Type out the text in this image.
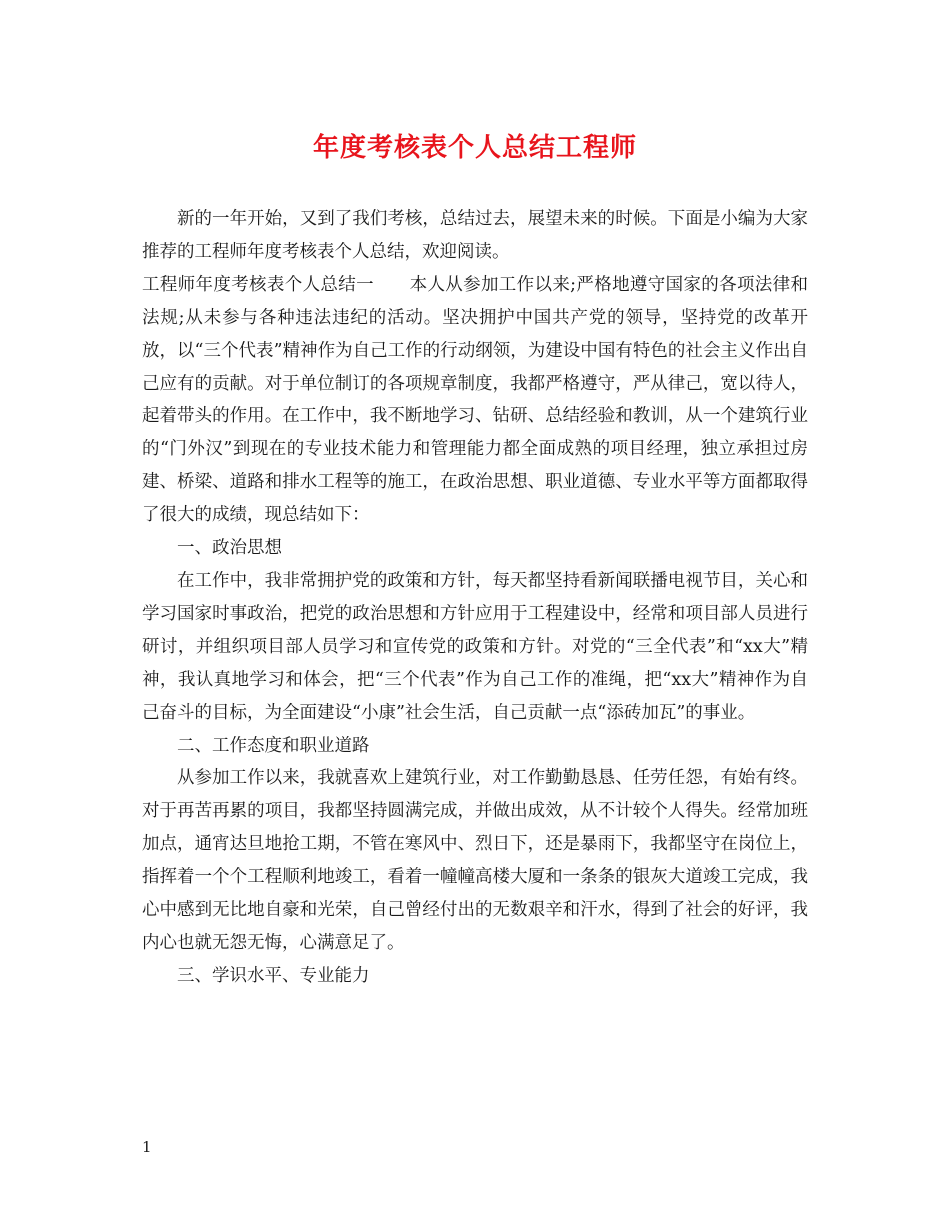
年度考核表个人总结工程师

新的一年开始，又到了我们考核，总结过去，展望未来的时候。下面是小编为大家推荐的工程师年度考核表个人总结，欢迎阅读。

工程师年度考核表个人总结一　　本人从参加工作以来;严格地遵守国家的各项法律和法规;从未参与各种违法违纪的活动。坚决拥护中国共产党的领导，坚持党的改革开放，以“三个代表”精神作为自己工作的行动纲领，为建设中国有特色的社会主义作出自己应有的贡献。对于单位制订的各项规章制度，我都严格遵守，严从律己，宽以待人，起着带头的作用。在工作中，我不断地学习、钻研、总结经验和教训，从一个建筑行业的“门外汉”到现在的专业技术能力和管理能力都全面成熟的项目经理，独立承担过房建、桥梁、道路和排水工程等的施工，在政治思想、职业道德、专业水平等方面都取得了很大的成绩，现总结如下：

一、政治思想

在工作中，我非常拥护党的政策和方针，每天都坚持看新闻联播电视节目，关心和学习国家时事政治，把党的政治思想和方针应用于工程建设中，经常和项目部人员进行研讨，并组织项目部人员学习和宣传党的政策和方针。对党的“三全代表”和“xx大”精神，我认真地学习和体会，把“三个代表”作为自己工作的准绳，把“xx大”精神作为自己奋斗的目标，为全面建设“小康”社会生活，自己贡献一点“添砖加瓦”的事业。

二、工作态度和职业道路

从参加工作以来，我就喜欢上建筑行业，对工作勤勤恳恳、任劳任怨，有始有终。对于再苦再累的项目，我都坚持圆满完成，并做出成效，从不计较个人得失。经常加班加点，通宵达旦地抢工期，不管在寒风中、烈日下，还是暴雨下，我都坚守在岗位上，指挥着一个个工程顺利地竣工，看着一幢幢高楼大厦和一条条的银灰大道竣工完成，我心中感到无比地自豪和光荣，自己曾经付出的无数艰辛和汗水，得到了社会的好评，我内心也就无怨无悔，心满意足了。

三、学识水平、专业能力

1
